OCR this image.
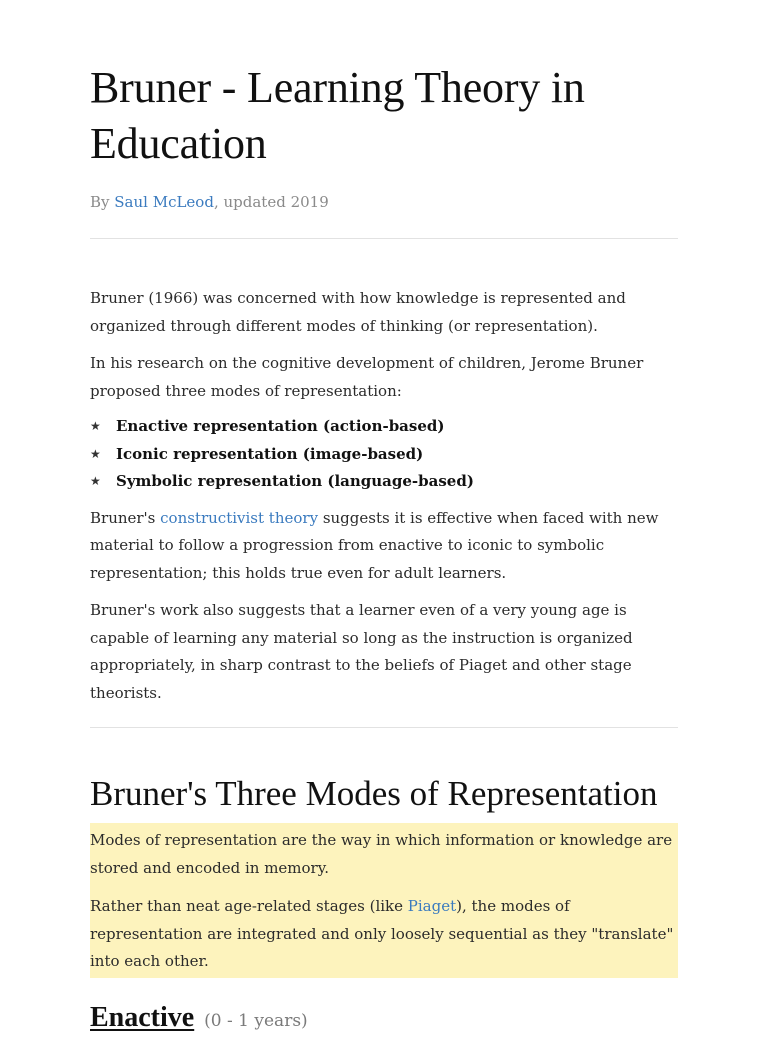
Bruner - Learning Theory in Education
By Saul McLeod, updated 2019

Bruner (1966) was concerned with how knowledge is represented and organized through different modes of thinking (or representation).

In his research on the cognitive development of children, Jerome Bruner proposed three modes of representation:

★ Enactive representation (action-based)
★ Iconic representation (image-based)
★ Symbolic representation (language-based)

Bruner's constructivist theory suggests it is effective when faced with new material to follow a progression from enactive to iconic to symbolic representation; this holds true even for adult learners.

Bruner's work also suggests that a learner even of a very young age is capable of learning any material so long as the instruction is organized appropriately, in sharp contrast to the beliefs of Piaget and other stage theorists.

Bruner's Three Modes of Representation

Modes of representation are the way in which information or knowledge are stored and encoded in memory.

Rather than neat age-related stages (like Piaget), the modes of representation are integrated and only loosely sequential as they "translate" into each other.

Enactive (0 - 1 years)
